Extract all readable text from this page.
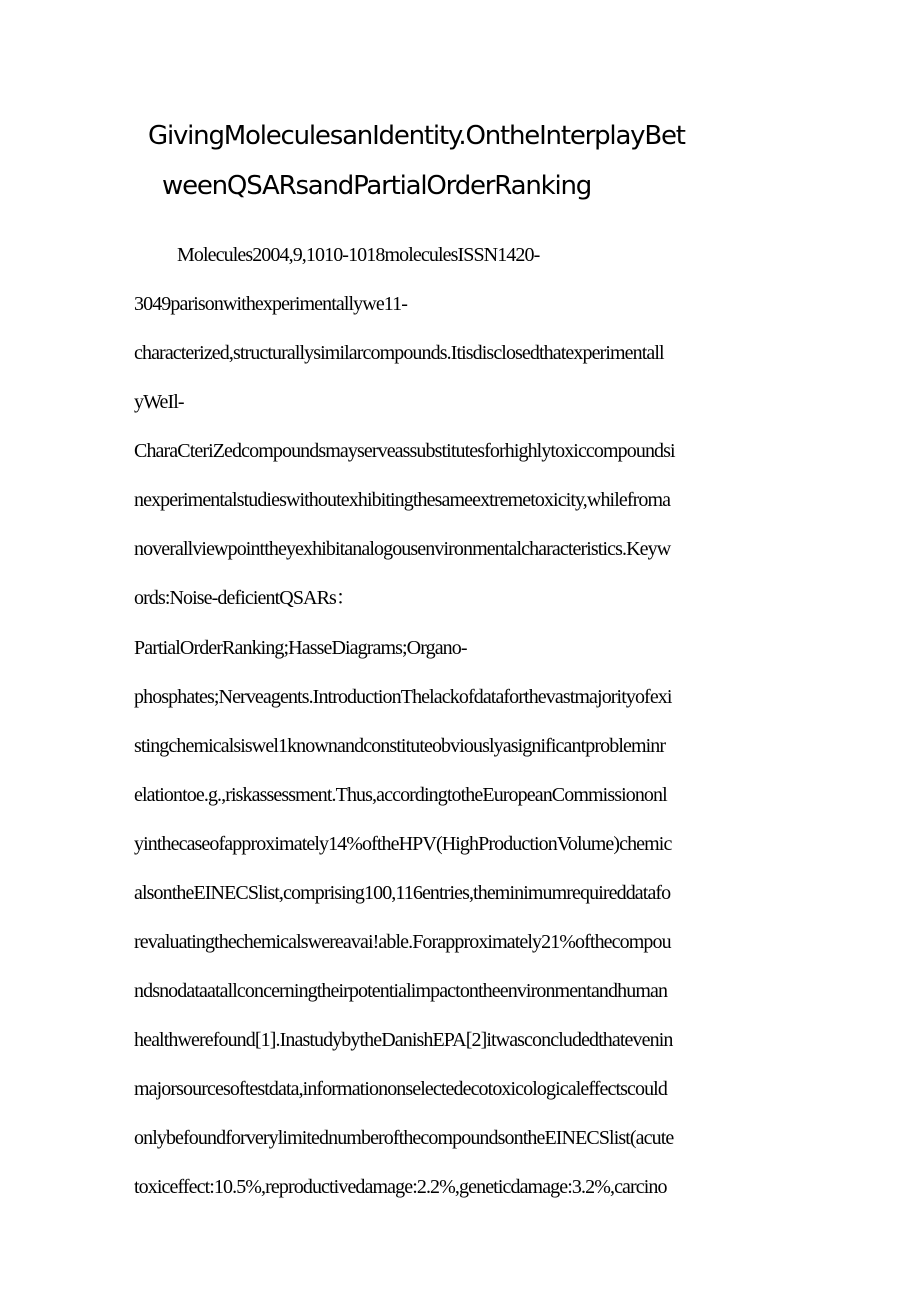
GivingMoleculesanIdentity.OntheInterplayBet
weenQSARsandPartialOrderRanking
Molecules2004,9,1010-1018moleculesISSN1420-
3049parisonwithexperimentallywe11-
characterized,structurallysimilarcompounds.Itisdisclosedthatexperimentall
yWeIl-
CharaCteriZedcompoundsmayserveassubstitutesforhighlytoxiccompoundsi
nexperimentalstudieswithoutexhibitingthesameextremetoxicity,whilefroma
noverallviewpointtheyexhibitanalogousenvironmentalcharacteristics.Keyw
ords:Noise-deficientQSARs：
PartialOrderRanking;HasseDiagrams;Organo-
phosphates;Nerveagents.IntroductionThelackofdataforthevastmajorityofexi
stingchemicalsiswel1knownandconstituteobviouslyasignificantprobleminr
elationtoe.g.,riskassessment.Thus,accordingtotheEuropeanCommissiononl
yinthecaseofapproximately14%oftheHPV(HighProductionVolume)chemic
alsontheEINECSlist,comprising100,116entries,theminimumrequireddatafo
revaluatingthechemicalswereavai!able.Forapproximately21%ofthecompou
ndsnodataatallconcerningtheirpotentialimpactontheenvironmentandhuman
healthwerefound[1].InastudybytheDanishEPA[2]itwasconcludedthatevenin
majorsourcesoftestdata,informationonselectedecotoxicologicaleffectscould
onlybefoundforverylimitednumberofthecompoundsontheEINECSlist(acute
toxiceffect:10.5%,reproductivedamage:2.2%,geneticdamage:3.2%,carcino
